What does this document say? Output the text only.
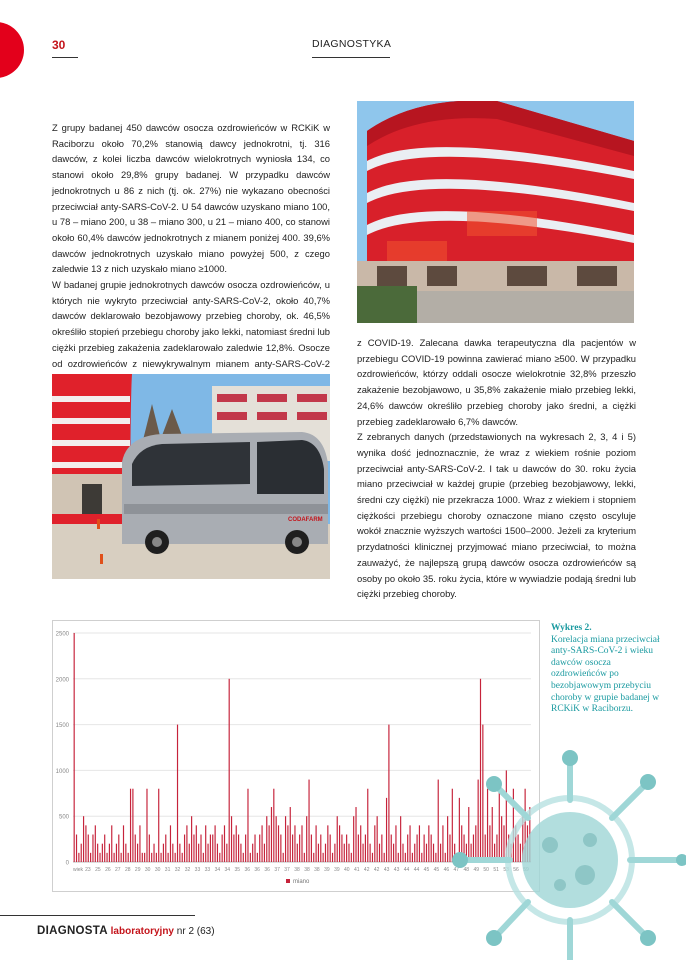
30	DIAGNOSTYKA

Z grupy badanej 450 dawców osocza ozdrowieńców w RCKiK w Raciborzu około 70,2% stanowią dawcy jednokrotni, tj. 316 dawców, z kolei liczba dawców wielokrotnych wyniosła 134, co stanowi około 29,8% grupy badanej. W przypadku dawców jednokrotnych u 86 z nich (tj. ok. 27%) nie wykazano obecności przeciwciał anty-SARS-CoV-2. U 54 dawców uzyskano miano 100, u 78 – miano 200, u 38 – miano 300, u 21 – miano 400, co stanowi około 60,4% dawców jednokrotnych z mianem poniżej 400. 39,6% dawców jednokrotnych uzyskało miano powyżej 500, z czego zaledwie 13 z nich uzyskało miano ≥1000.

W badanej grupie jednokrotnych dawców osocza ozdrowieńców, u których nie wykryto przeciwciał anty-SARS-CoV-2, około 40,7% dawców deklarowało bezobjawowy przebieg choroby, ok. 46,5% określiło stopień przebiegu choroby jako lekki, natomiast średni lub ciężki przebieg zakażenia zadeklarowało zaledwie 12,8%. Osocze od ozdrowieńców z niewykrywalnym mianem anty-SARS-CoV-2

z COVID-19. Zalecana dawka terapeutyczna dla pacjentów w przebiegu COVID-19 powinna zawierać miano ≥500. W przypadku ozdrowieńców, którzy oddali osocze wielokrotnie 32,8% przeszło zakażenie bezobjawowo, u 35,8% zakażenie miało przebieg lekki, 24,6% dawców określiło przebieg choroby jako średni, a ciężki przebieg zadeklarowało 6,7% dawców.

Z zebranych danych (przedstawionych na wykresach 2, 3, 4 i 5) wynika dość jednoznacznie, że wraz z wiekiem rośnie poziom przeciwciał anty-SARS-CoV-2. I tak u dawców do 30. roku życia miano przeciwciał w każdej grupie (przebieg bezobjawowy, lekki, średni czy ciężki) nie przekracza 1000. Wraz z wiekiem i stopniem ciężkości przebiegu choroby oznaczone miano często oscyluje wokół znacznie wyższych wartości 1500–2000. Jeżeli za kryterium przydatności klinicznej przyjmować miano przeciwciał, to można zauważyć, że najlepszą grupą dawców osocza ozdrowieńców są osoby po około 35. roku życia, które w wywiadzie podają średni lub ciężki przebieg choroby.

CODAFARM
0
500
1000
1500
2000
2500
wiek 23 25 26 27 28 29 30 30 31 32 32 33 33 34 34 35 36 36 36 37 37 38 38 38 39 39 40 41 42 42 43 43 44 44 45 45 46 47 48 49 50 51 53 56
miano
Wykres 2.
Korelacja miana przeciwciał anty-SARS-CoV-2 i wieku dawców osocza ozdrowieńców po bezobjawowym przebyciu choroby w grupie badanej w RCKiK w Raciborzu.
DIAGNOSTA laboratoryjny nr 2 (63)
